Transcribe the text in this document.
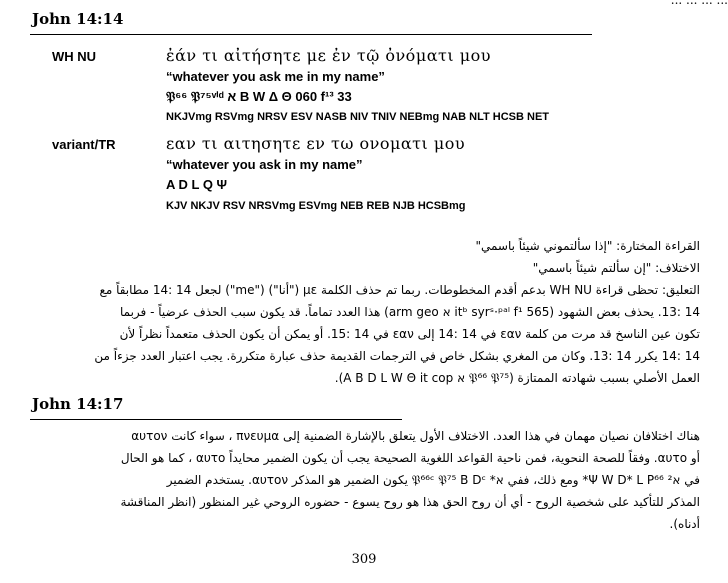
... ... ... ...
John 14:14
WH NU	ἐάν τι αἰτήσητε με ἐν τῷ ὀνόματι μου
“whatever you ask me in my name”
𝔓⁶⁶ 𝔓⁷⁵ᵛⁱᵈ א B W Δ Θ 060 f¹³ 33
NKJVmg RSVmg NRSV ESV NASB NIV TNIV NEBmg NAB NLT HCSB NET
variant/TR	εαν τι αιτησητε εν τω ονοματι μου
“whatever you ask in my name”
A D L Q Ψ
KJV NKJV RSV NRSVmg ESVmg NEB REB NJB HCSBmg
القراءة المختارة: "إذا سألتموني شيئاً باسمي"
الاختلاف: "إن سألتم شيئاً باسمي"
التعليق: تحظى قراءة WH NU بدعم أقدم المخطوطات. ربما تم حذف الكلمة με ("أنا") ("me") لجعل 14 :14 مطابقاً مع
14 :13. يحذف بعض الشهود (565 itᵇ syrˢ·ᵖᵃˡ f¹ א arm geo) هذا العدد تماماً. قد يكون سبب الحذف عرضياً - فربما
تكون عين الناسخ قد مرت من كلمة εαν في 14 :14 إلى εαν في 14 :15. أو يمكن أن يكون الحذف متعمداً نظراً لأن
14 :14 يكرر 14 :13. وكان من المغري بشكل خاص في الترجمات القديمة حذف عبارة متكررة. يجب اعتبار العدد جزءاً من
العمل الأصلي بسبب شهادته الممتازة (𝔓⁶⁶ 𝔓⁷⁵ א A B D L W Θ it cop).
John 14:17
هناك اختلافان نصيان مهمان في هذا العدد. الاختلاف الأول يتعلق بالإشارة الضمنية إلى πνευμα ، سواء كانت αυτον
أو αυτο. وفقاً للصحة النحوية، فمن ناحية القواعد اللغوية الصحيحة يجب أن يكون الضمير محايداً αυτο ، كما هو الحال
في א² Ψ W D* L P⁶⁶* ومع ذلك، ففي א* 𝔓⁶⁶ᶜ 𝔓⁷⁵ B Dᶜ يكون الضمير هو المذكر αυτον. يستخدم الضمير
المذكر للتأكيد على شخصية الروح - أي أن روح الحق هذا هو روح يسوع - حضوره الروحي غير المنظور (انظر المناقشة
أدناه).
309
